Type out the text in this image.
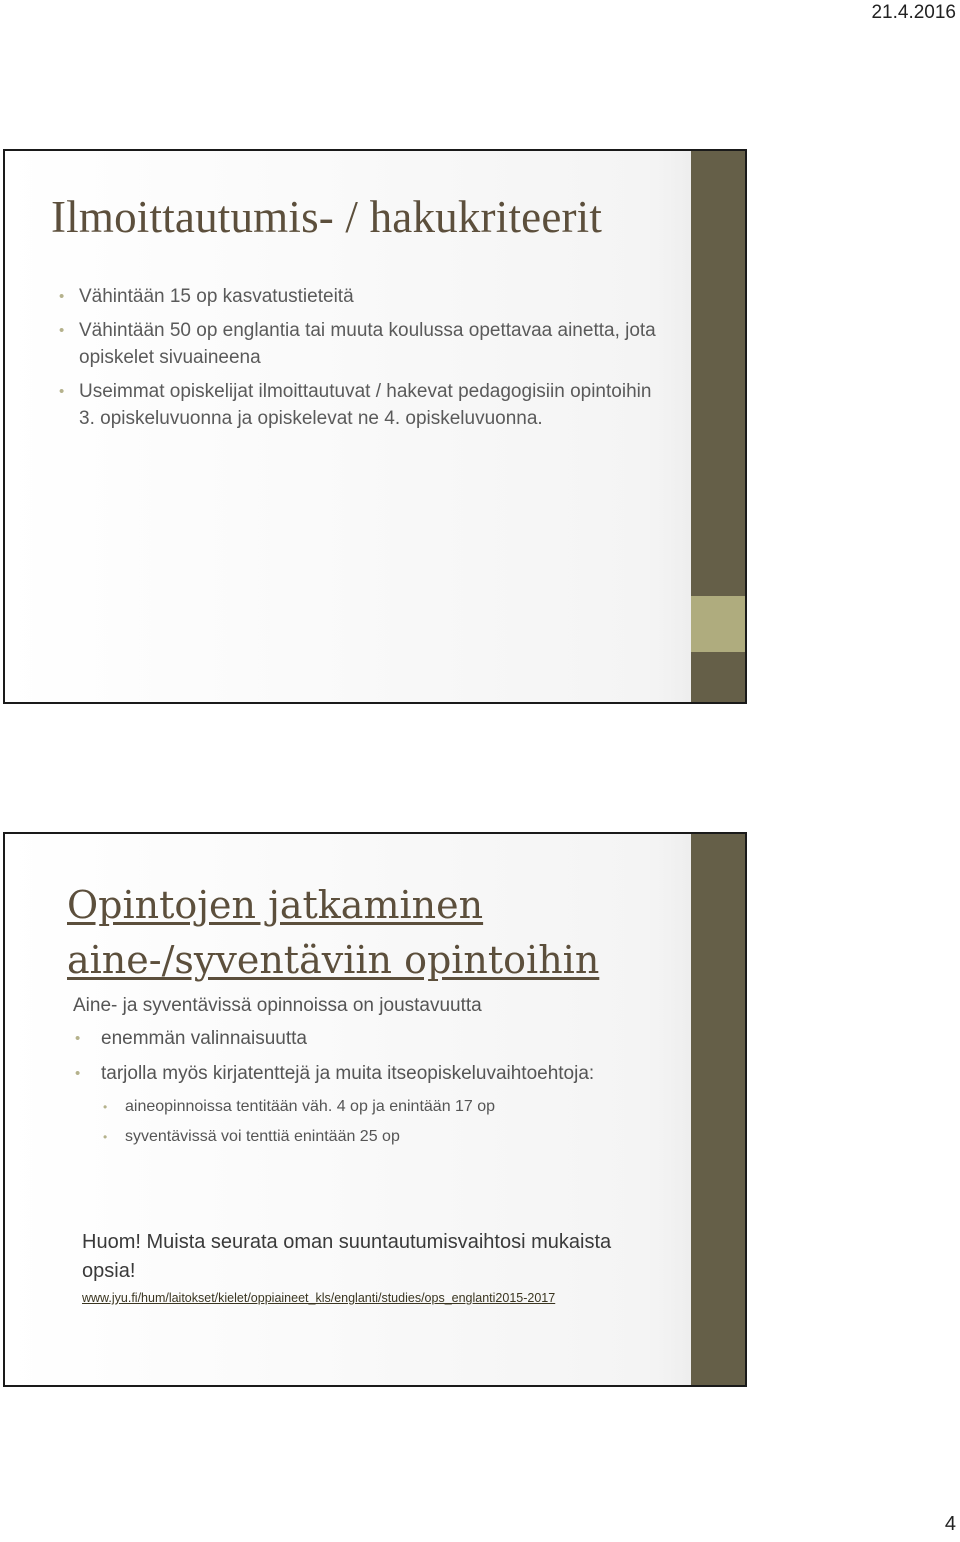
21.4.2016
Ilmoittautumis- / hakukriteerit
• Vähintään 15 op kasvatustieteitä
• Vähintään 50 op englantia tai muuta koulussa opettavaa ainetta, jota opiskelet sivuaineena
• Useimmat opiskelijat ilmoittautuvat / hakevat pedagogisiin opintoihin 3. opiskeluvuonna ja opiskelevat ne 4. opiskeluvuonna.
Opintojen jatkaminen aine-/syventäviin opintoihin

Aine- ja syventävissä opinnoissa on joustavuutta

• enemmän valinnaisuutta
• tarjolla myös kirjatenttejä ja muita itseopiskeluvaihtoehtoja:
• aineopinnoissa tentitään väh. 4 op ja enintään 17 op
• syventävissä voi tenttiä enintään 25 op

Huom! Muista seurata oman suuntautumisvaihtosi mukaista opsia!

www.jyu.fi/hum/laitokset/kielet/oppiaineet_kls/englanti/studies/ops_englanti2015-2017
4
